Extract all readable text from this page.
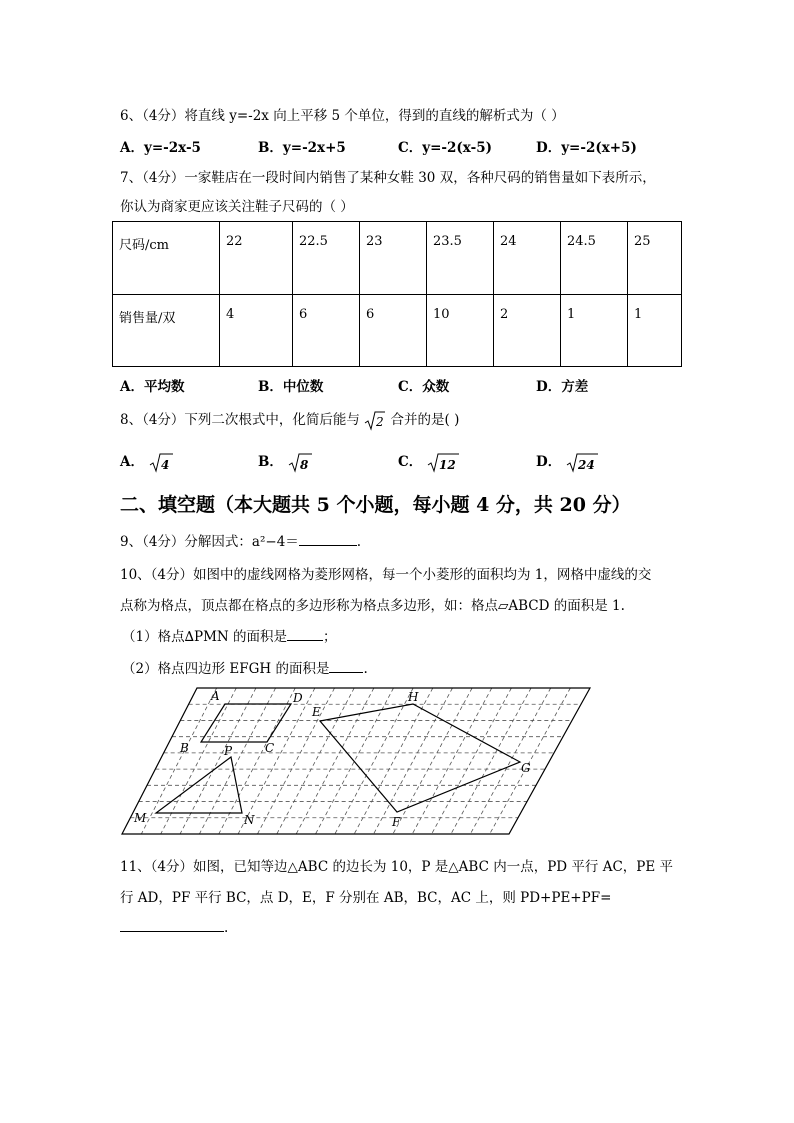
6、（4分）将直线 y=-2x 向上平移 5 个单位，得到的直线的解析式为（ ）
A．y=-2x-5	B．y=-2x+5	C．y=-2(x-5)	D．y=-2(x+5)
7、（4分）一家鞋店在一段时间内销售了某种女鞋 30 双，各种尺码的销售量如下表所示，
你认为商家更应该关注鞋子尺码的（ ）
尺码/cm	22	22.5	23	23.5	24	24.5	25
销售量/双	4	6	6	10	2	1	1
A．平均数	B．中位数	C．众数	D．方差
8、（4分）下列二次根式中，化简后能与 2 合并的是( )
A． 4	B． 8	C． 12	D． 24
二、填空题（本大题共 5 个小题，每小题 4 分，共 20 分）
9、（4分）分解因式：a²−4＝	.
10、（4分）如图中的虚线网格为菱形网格，每一个小菱形的面积均为 1，网格中虚线的交
点称为格点，顶点都在格点的多边形称为格点多边形，如：格点▱ABCD 的面积是 1.
（1）格点∆PMN 的面积是	；
（2）格点四边形 EFGH 的面积是	.
A	D
B	C
P
M	N
E
H
G
F
11、（4分）如图，已知等边△ABC 的边长为 10，P 是△ABC 内一点，PD 平行 AC，PE 平
行 AD，PF 平行 BC，点 D，E，F 分别在 AB，BC，AC 上，则 PD+PE+PF=
.
